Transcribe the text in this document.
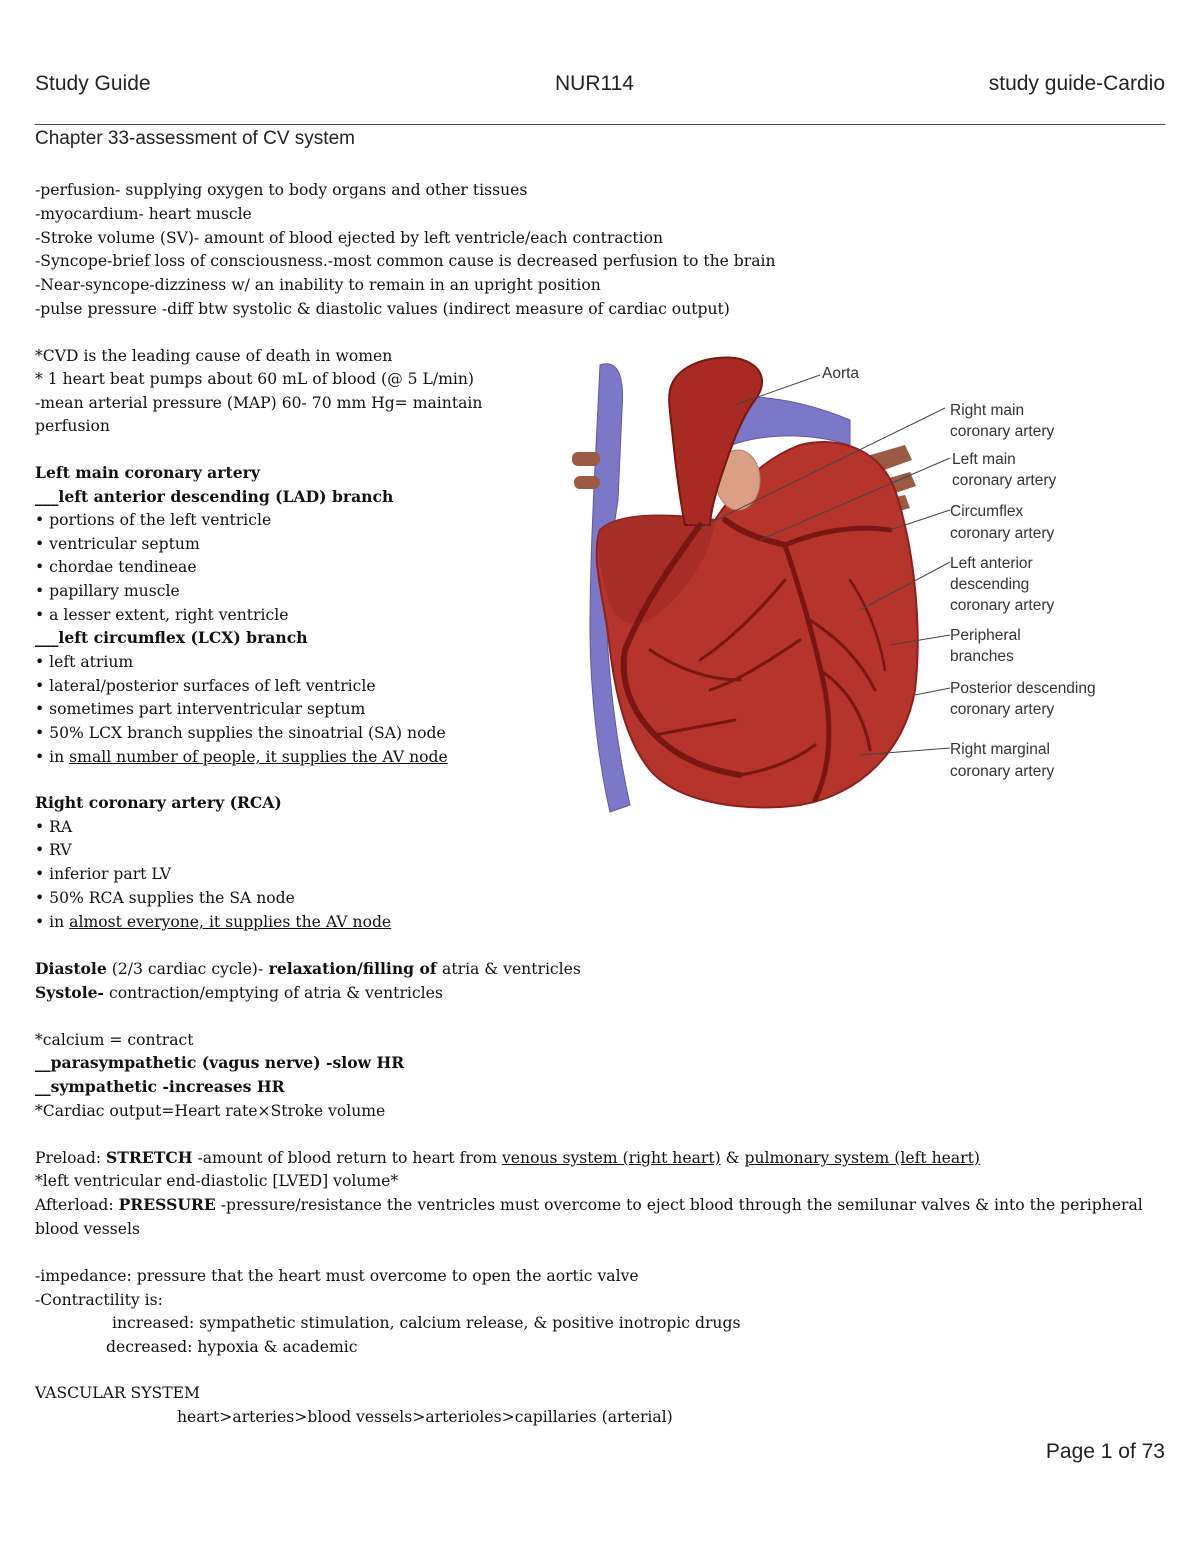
Study Guide	NUR114	study guide-Cardio
Chapter 33-assessment of CV system
-perfusion- supplying oxygen to body organs and other tissues
-myocardium- heart muscle
-Stroke volume (SV)- amount of blood ejected by left ventricle/each contraction
-Syncope-brief loss of consciousness.-most common cause is decreased perfusion to the brain
-Near-syncope-dizziness w/ an inability to remain in an upright position
-pulse pressure -diff btw systolic & diastolic values (indirect measure of cardiac output)
*CVD is the leading cause of death in women
* 1 heart beat pumps about 60 mL of blood (@ 5 L/min)
-mean arterial pressure (MAP) 60- 70 mm Hg= maintain
perfusion
Left main coronary artery
___left anterior descending (LAD) branch
• portions of the left ventricle
• ventricular septum
• chordae tendineae
• papillary muscle
• a lesser extent, right ventricle
___left circumflex (LCX) branch
• left atrium
• lateral/posterior surfaces of left ventricle
• sometimes part interventricular septum
• 50% LCX branch supplies the sinoatrial (SA) node
• in small number of people, it supplies the AV node
Right coronary artery (RCA)
• RA
• RV
• inferior part LV
• 50% RCA supplies the SA node
• in almost everyone, it supplies the AV node
Diastole (2/3 cardiac cycle)- relaxation/filling of atria & ventricles
Systole- contraction/emptying of atria & ventricles
*calcium = contract
__parasympathetic (vagus nerve) -slow HR
__sympathetic -increases HR
*Cardiac output=Heart rate×Stroke volume
Preload: STRETCH -amount of blood return to heart from venous system (right heart) & pulmonary system (left heart)
*left ventricular end-diastolic [LVED] volume*
Afterload: PRESSURE -pressure/resistance the ventricles must overcome to eject blood through the semilunar valves & into the peripheral blood vessels
-impedance: pressure that the heart must overcome to open the aortic valve
-Contractility is:
increased: sympathetic stimulation, calcium release, & positive inotropic drugs
decreased: hypoxia & academic
VASCULAR SYSTEM
heart>arteries>blood vessels>arterioles>capillaries (arterial)
Aorta
Right main
coronary artery
Left main
coronary artery
Circumflex
coronary artery
Left anterior
descending
coronary artery
Peripheral
branches
Posterior descending
coronary artery
Right marginal
coronary artery
Page 1 of 73
